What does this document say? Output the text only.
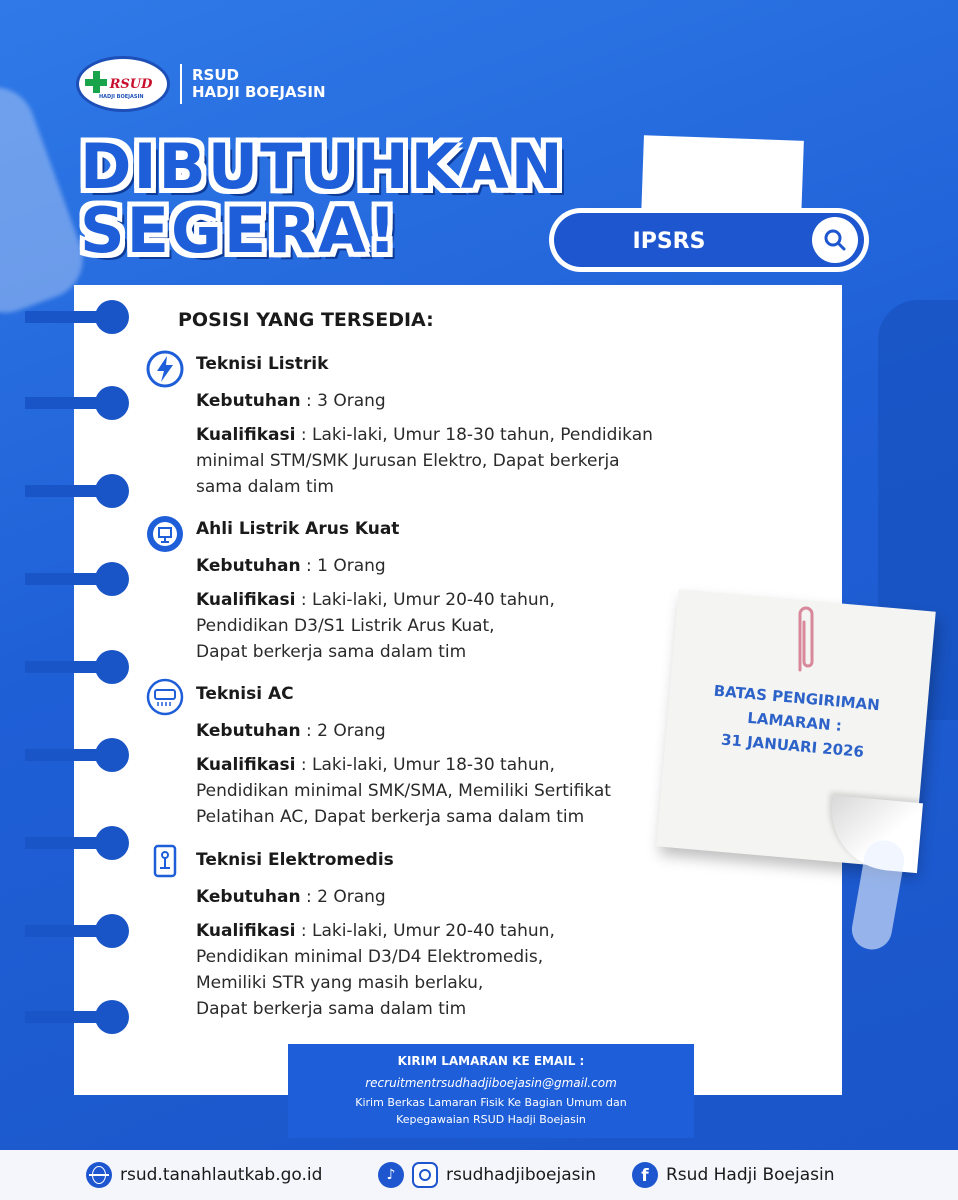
RSUD
HADJI BOEJASIN
RSUD
HADJI BOEJASIN
DIBUTUHKAN
SEGERA!	IPSRS
POSISI YANG TERSEDIA:
Teknisi Listrik
Kebutuhan : 3 Orang
Kualifikasi : Laki-laki, Umur 18-30 tahun, Pendidikan
minimal STM/SMK Jurusan Elektro, Dapat berkerja
sama dalam tim
Ahli Listrik Arus Kuat
Kebutuhan : 1 Orang
Kualifikasi : Laki-laki, Umur 20-40 tahun,
Pendidikan D3/S1 Listrik Arus Kuat,
Dapat berkerja sama dalam tim
Teknisi AC
Kebutuhan : 2 Orang
Kualifikasi : Laki-laki, Umur 18-30 tahun,
Pendidikan minimal SMK/SMA, Memiliki Sertifikat
Pelatihan AC, Dapat berkerja sama dalam tim
Teknisi Elektromedis
Kebutuhan : 2 Orang
Kualifikasi : Laki-laki, Umur 20-40 tahun,
Pendidikan minimal D3/D4 Elektromedis,
Memiliki STR yang masih berlaku,
Dapat berkerja sama dalam tim
BATAS PENGIRIMAN
LAMARAN :
31 JANUARI 2026
KIRIM LAMARAN KE EMAIL :
recruitmentrsudhadjiboejasin@gmail.com
Kirim Berkas Lamaran Fisik Ke Bagian Umum dan
Kepegawaian RSUD Hadji Boejasin
rsud.tanahlautkab.go.id	♪	rsudhadjiboejasin	f	Rsud Hadji Boejasin
